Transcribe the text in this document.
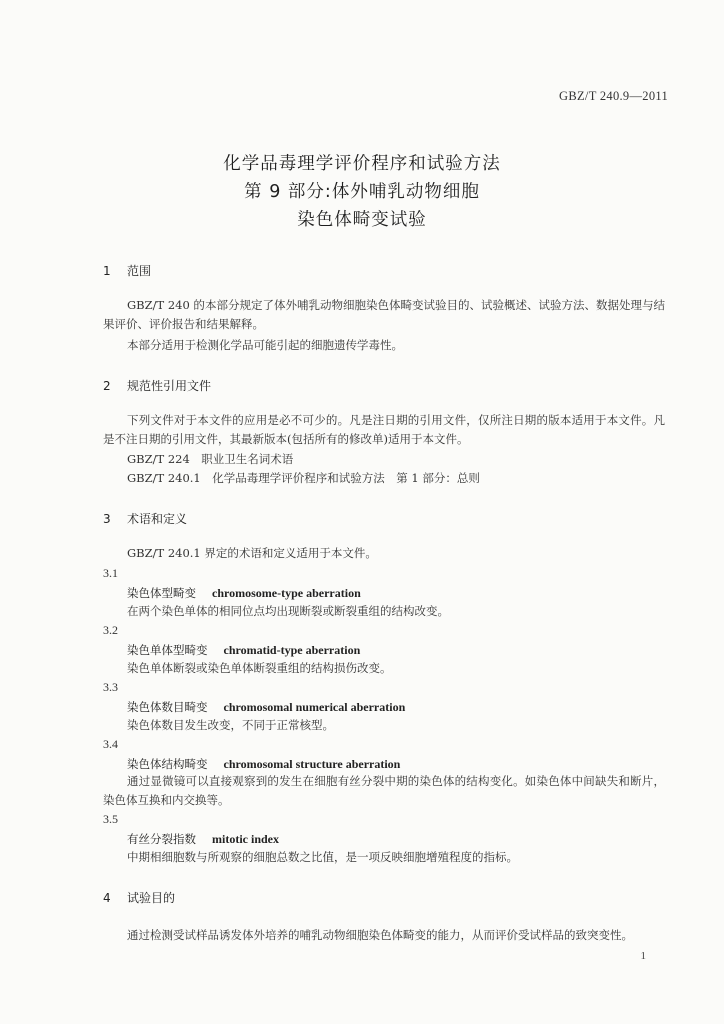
GBZ/T 240.9—2011
化学品毒理学评价程序和试验方法
第 9 部分:体外哺乳动物细胞
染色体畸变试验
1 范围
GBZ/T 240 的本部分规定了体外哺乳动物细胞染色体畸变试验目的、试验概述、试验方法、数据处理与结果评价、评价报告和结果解释。
本部分适用于检测化学品可能引起的细胞遗传学毒性。
2 规范性引用文件
下列文件对于本文件的应用是必不可少的。凡是注日期的引用文件，仅所注日期的版本适用于本文件。凡是不注日期的引用文件，其最新版本(包括所有的修改单)适用于本文件。
GBZ/T 224　职业卫生名词术语
GBZ/T 240.1　化学品毒理学评价程序和试验方法　第 1 部分：总则
3 术语和定义
GBZ/T 240.1 界定的术语和定义适用于本文件。
3.1
染色体型畸变 chromosome-type aberration
在两个染色单体的相同位点均出现断裂或断裂重组的结构改变。
3.2
染色单体型畸变 chromatid-type aberration
染色单体断裂或染色单体断裂重组的结构损伤改变。
3.3
染色体数目畸变 chromosomal numerical aberration
染色体数目发生改变，不同于正常核型。
3.4
染色体结构畸变 chromosomal structure aberration
通过显微镜可以直接观察到的发生在细胞有丝分裂中期的染色体的结构变化。如染色体中间缺失和断片，染色体互换和内交换等。
3.5
有丝分裂指数 mitotic index
中期相细胞数与所观察的细胞总数之比值，是一项反映细胞增殖程度的指标。
4 试验目的
通过检测受试样品诱发体外培养的哺乳动物细胞染色体畸变的能力，从而评价受试样品的致突变性。
1
